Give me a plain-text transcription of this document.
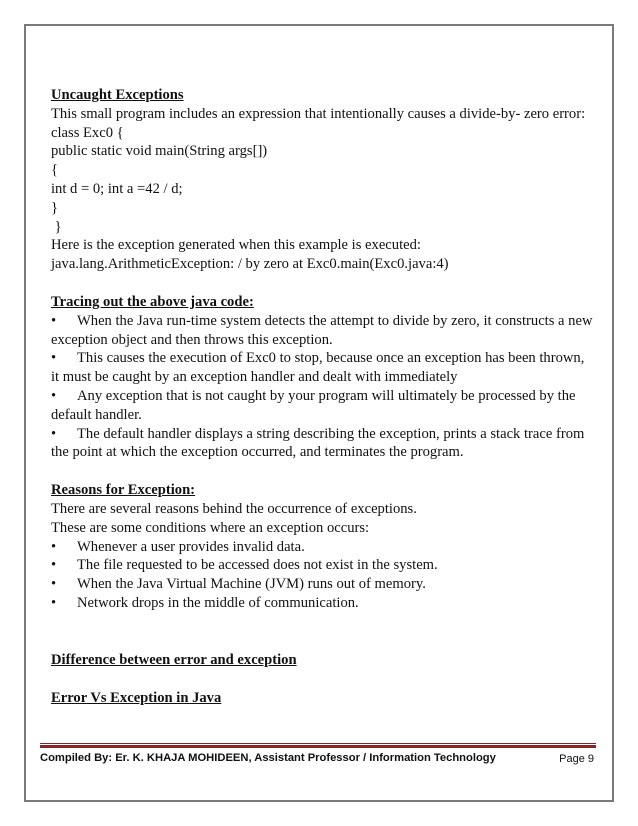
Uncaught Exceptions
This small program includes an expression that intentionally causes a divide-by- zero error:
class Exc0 {
public static void main(String args[])
{
int d = 0; int a =42 / d;
}
}
Here is the exception generated when this example is executed:
java.lang.ArithmeticException: / by zero at Exc0.main(Exc0.java:4)
Tracing out the above java code:
• When the Java run-time system detects the attempt to divide by zero, it constructs a new exception object and then throws this exception.
• This causes the execution of Exc0 to stop, because once an exception has been thrown, it must be caught by an exception handler and dealt with immediately
• Any exception that is not caught by your program will ultimately be processed by the default handler.
• The default handler displays a string describing the exception, prints a stack trace from the point at which the exception occurred, and terminates the program.
Reasons for Exception:
There are several reasons behind the occurrence of exceptions.
These are some conditions where an exception occurs:
• Whenever a user provides invalid data.
• The file requested to be accessed does not exist in the system.
• When the Java Virtual Machine (JVM) runs out of memory.
• Network drops in the middle of communication.
Difference between error and exception
Error Vs Exception in Java
Compiled By: Er. K. KHAJA MOHIDEEN, Assistant Professor / Information Technology	Page 9
